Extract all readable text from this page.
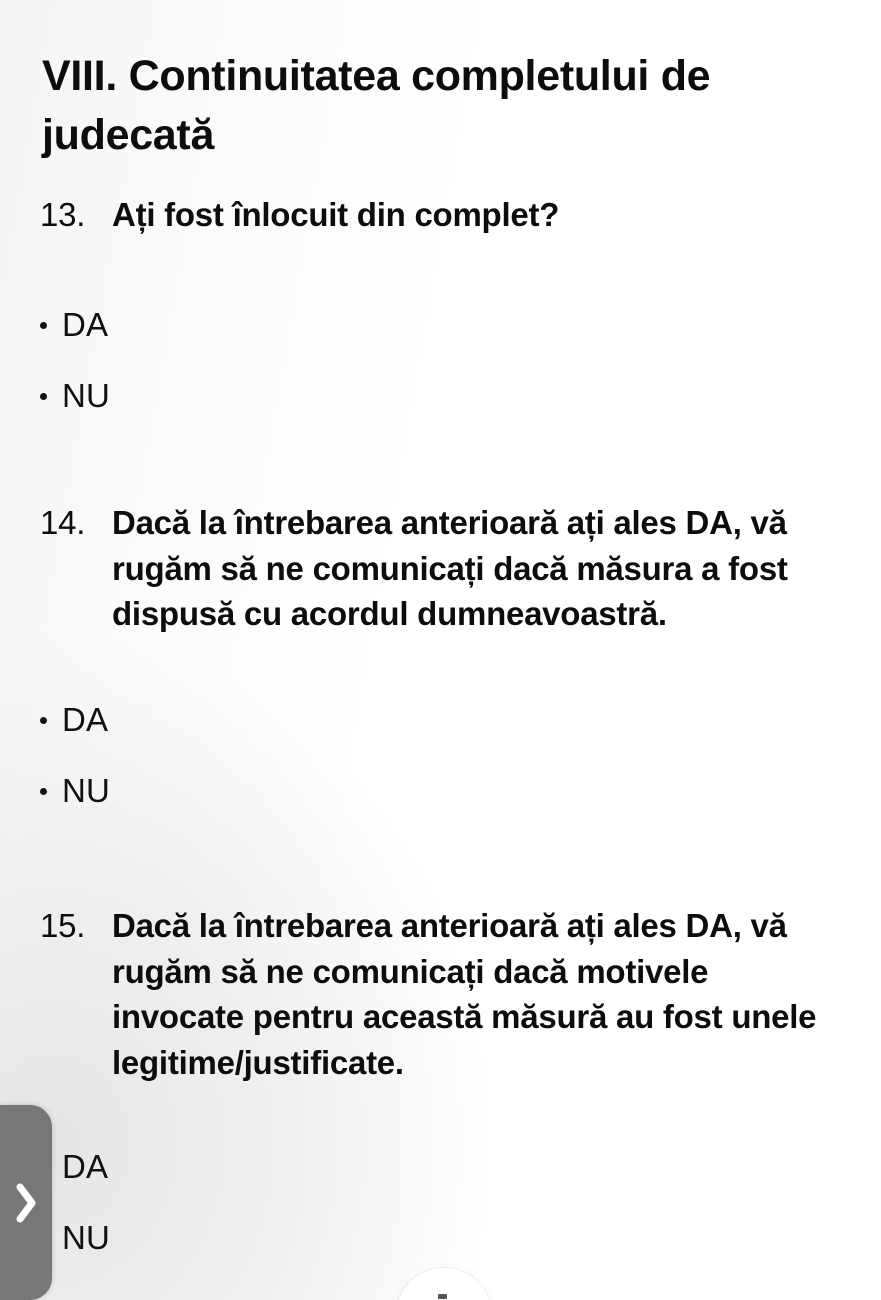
VIII. Continuitatea completului de judecată
13. Ați fost înlocuit din complet?
DA
NU
14. Dacă la întrebarea anterioară ați ales DA, vă rugăm să ne comunicați dacă măsura a fost dispusă cu acordul dumneavoastră.
DA
NU
15. Dacă la întrebarea anterioară ați ales DA, vă rugăm să ne comunicați dacă motivele invocate pentru această măsură au fost unele legitime/justificate.
DA
NU
